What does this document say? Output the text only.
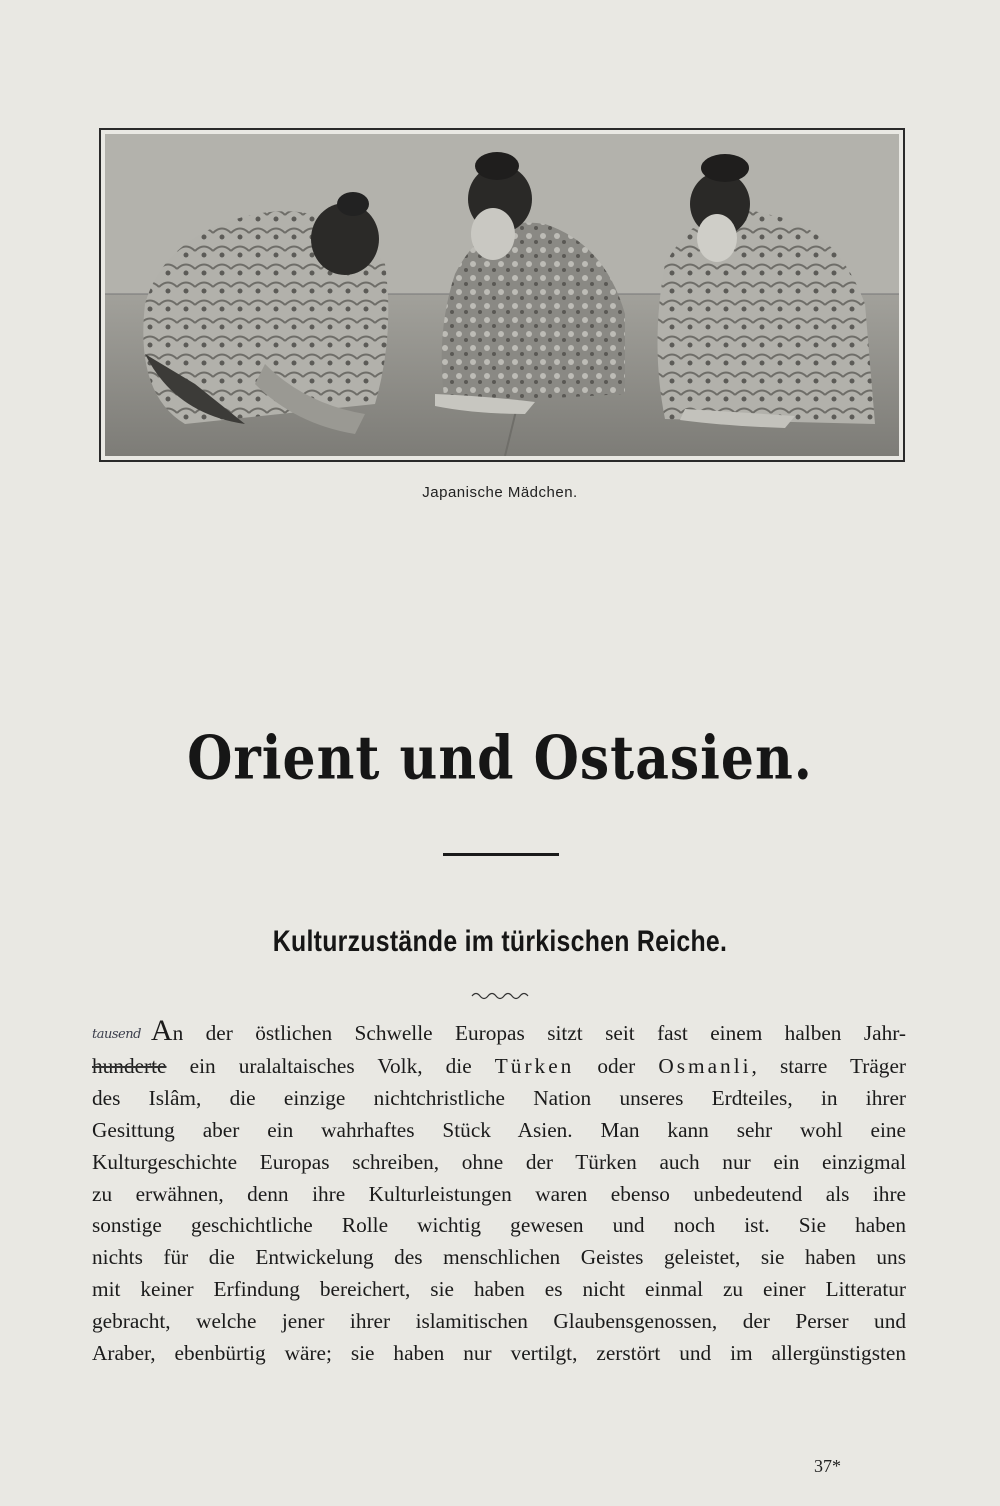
Japanische Mädchen.
Orient und Ostasien.
Kulturzustände im türkischen Reiche.

tausend An der östlichen Schwelle Europas sitzt seit fast einem halben Jahr-
hunderte ein uralaltaisches Volk, die Türken oder Osmanli, starre Träger
des Islâm, die einzige nichtchristliche Nation unseres Erdteiles, in ihrer
Gesittung aber ein wahrhaftes Stück Asien. Man kann sehr wohl eine
Kulturgeschichte Europas schreiben, ohne der Türken auch nur ein einzigmal
zu erwähnen, denn ihre Kulturleistungen waren ebenso unbedeutend als ihre
sonstige geschichtliche Rolle wichtig gewesen und noch ist. Sie haben
nichts für die Entwickelung des menschlichen Geistes geleistet, sie haben uns
mit keiner Erfindung bereichert, sie haben es nicht einmal zu einer Litteratur
gebracht, welche jener ihrer islamitischen Glaubensgenossen, der Perser und
Araber, ebenbürtig wäre; sie haben nur vertilgt, zerstört und im allergünstigsten

37*
